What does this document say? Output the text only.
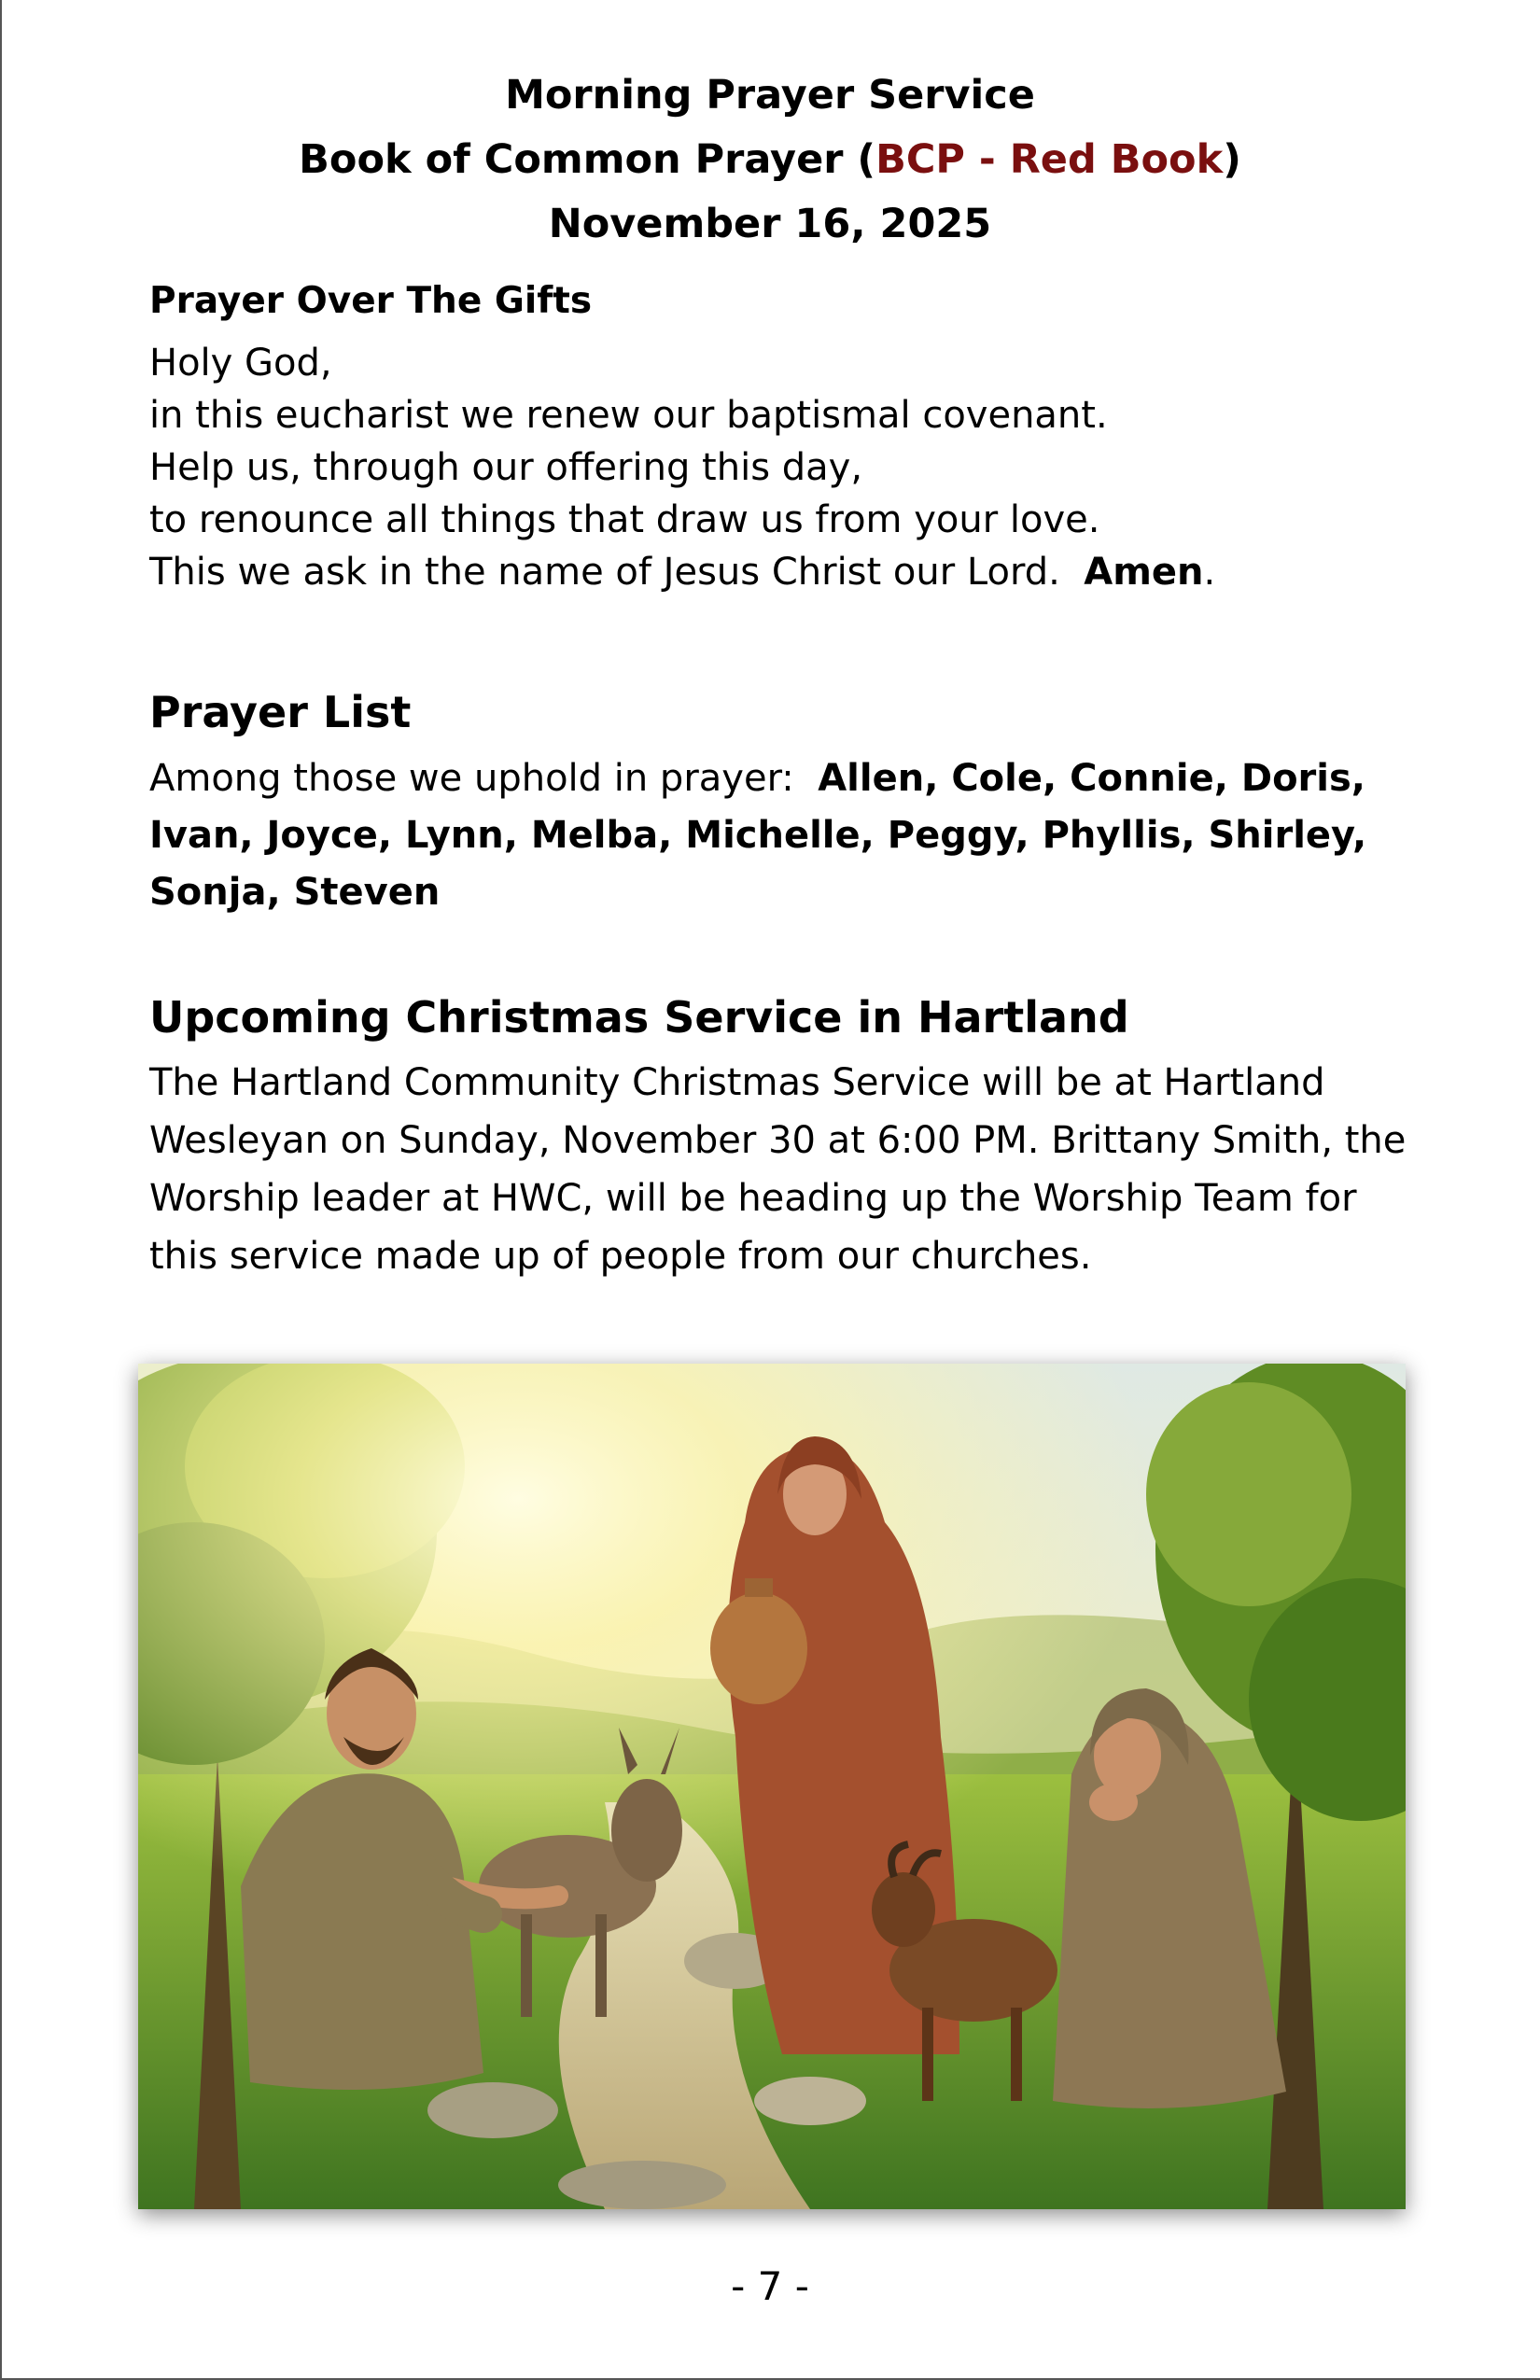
Morning Prayer Service
Book of Common Prayer (BCP - Red Book)
November 16, 2025
Prayer Over The Gifts
Holy God,
in this eucharist we renew our baptismal covenant.
Help us, through our offering this day,
to renounce all things that draw us from your love.
This we ask in the name of Jesus Christ our Lord. Amen.
Prayer List
Among those we uphold in prayer: Allen, Cole, Connie, Doris, Ivan, Joyce, Lynn, Melba, Michelle, Peggy, Phyllis, Shirley, Sonja, Steven
Upcoming Christmas Service in Hartland
The Hartland Community Christmas Service will be at Hartland Wesleyan on Sunday, November 30 at 6:00 PM. Brittany Smith, the Worship leader at HWC, will be heading up the Worship Team for this service made up of people from our churches.
- 7 -
